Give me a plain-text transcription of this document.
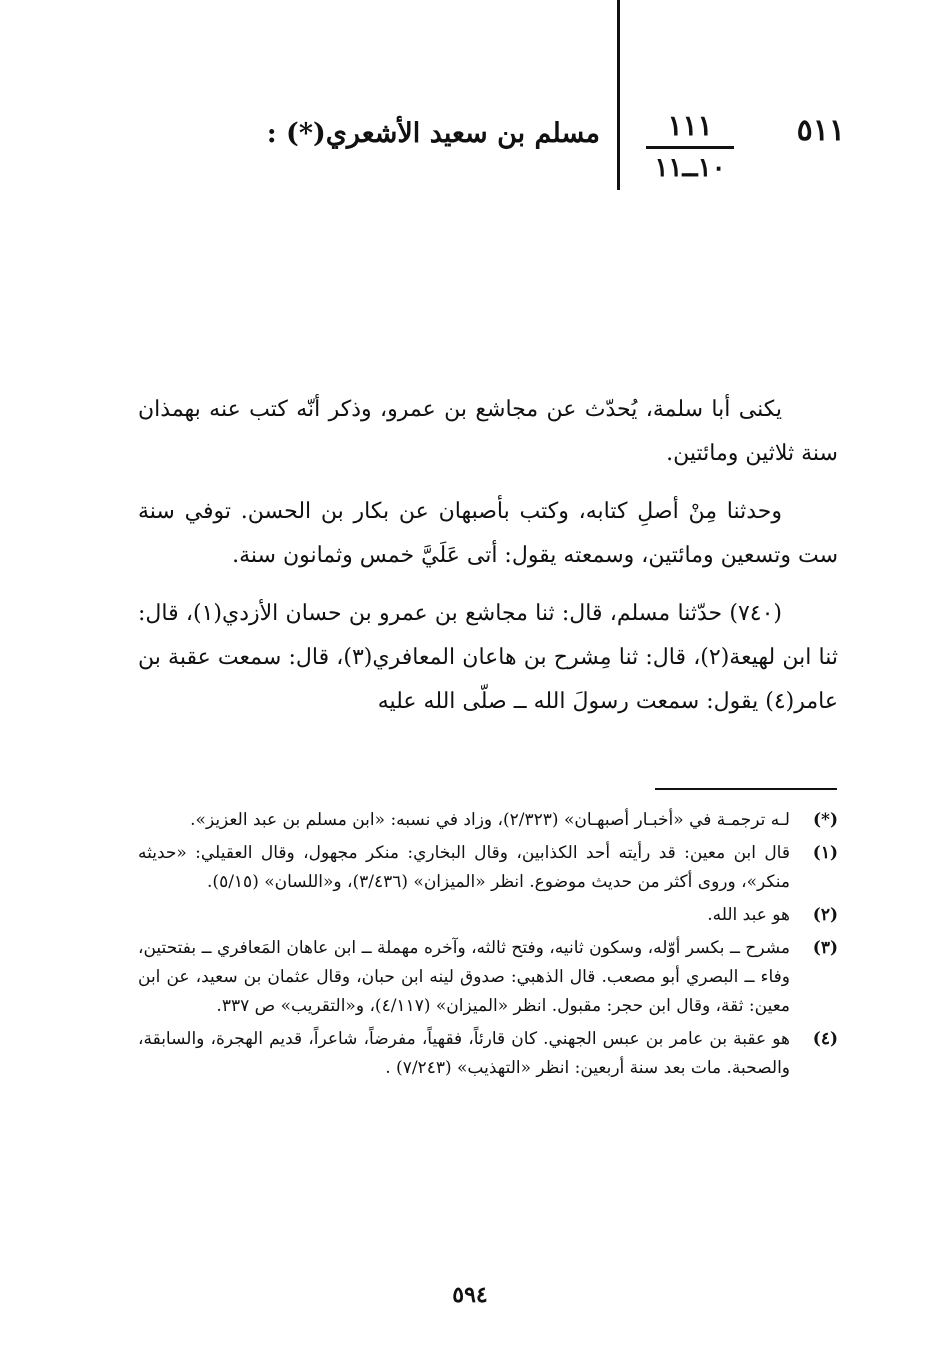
٥١١
١١١
١٠ــ١١
مسلم بن سعيد الأشعري(*) :

يكنى أبا سلمة، يُحدّث عن مجاشع بن عمرو، وذكر أنّه كتب عنه بهمذان سنة ثلاثين ومائتين.

وحدثنا مِنْ أصلِ كتابه، وكتب بأصبهان عن بكار بن الحسن. توفي سنة ست وتسعين ومائتين، وسمعته يقول: أتى عَلَيَّ خمس وثمانون سنة.

(٧٤٠) حدّثنا مسلم، قال: ثنا مجاشع بن عمرو بن حسان الأزدي(١)، قال: ثنا ابن لهيعة(٢)، قال: ثنا مِشرح بن هاعان المعافري(٣)، قال: سمعت عقبة بن عامر(٤) يقول: سمعت رسولَ الله ــ صلّى الله عليه

(*)
لـه ترجمـة في «أخبـار أصبهـان» (٢/٣٢٣)، وزاد في نسبه: «ابن مسلم بن عبد العزيز».
(١)
قال ابن معين: قد رأيته أحد الكذابين، وقال البخاري: منكر مجهول، وقال العقيلي: «حديثه منكر»، وروى أكثر من حديث موضوع. انظر «الميزان» (٣/٤٣٦)، و«اللسان» (٥/١٥).
(٢)
هو عبد الله.
(٣)
مشرح ــ بكسر أوّله، وسكون ثانيه، وفتح ثالثه، وآخره مهملة ــ ابن عاهان المَعافري ــ بفتحتين، وفاء ــ البصري أبو مصعب. قال الذهبي: صدوق لينه ابن حبان، وقال عثمان بن سعيد، عن ابن معين: ثقة، وقال ابن حجر: مقبول. انظر «الميزان» (٤/١١٧)، و«التقريب» ص ٣٣٧.
(٤)
هو عقبة بن عامر بن عبس الجهني. كان قارئاً، فقهياً، مفرضاً، شاعراً، قديم الهجرة، والسابقة، والصحبة. مات بعد سنة أربعين: انظر «التهذيب» (٧/٢٤٣) .
٥٩٤
